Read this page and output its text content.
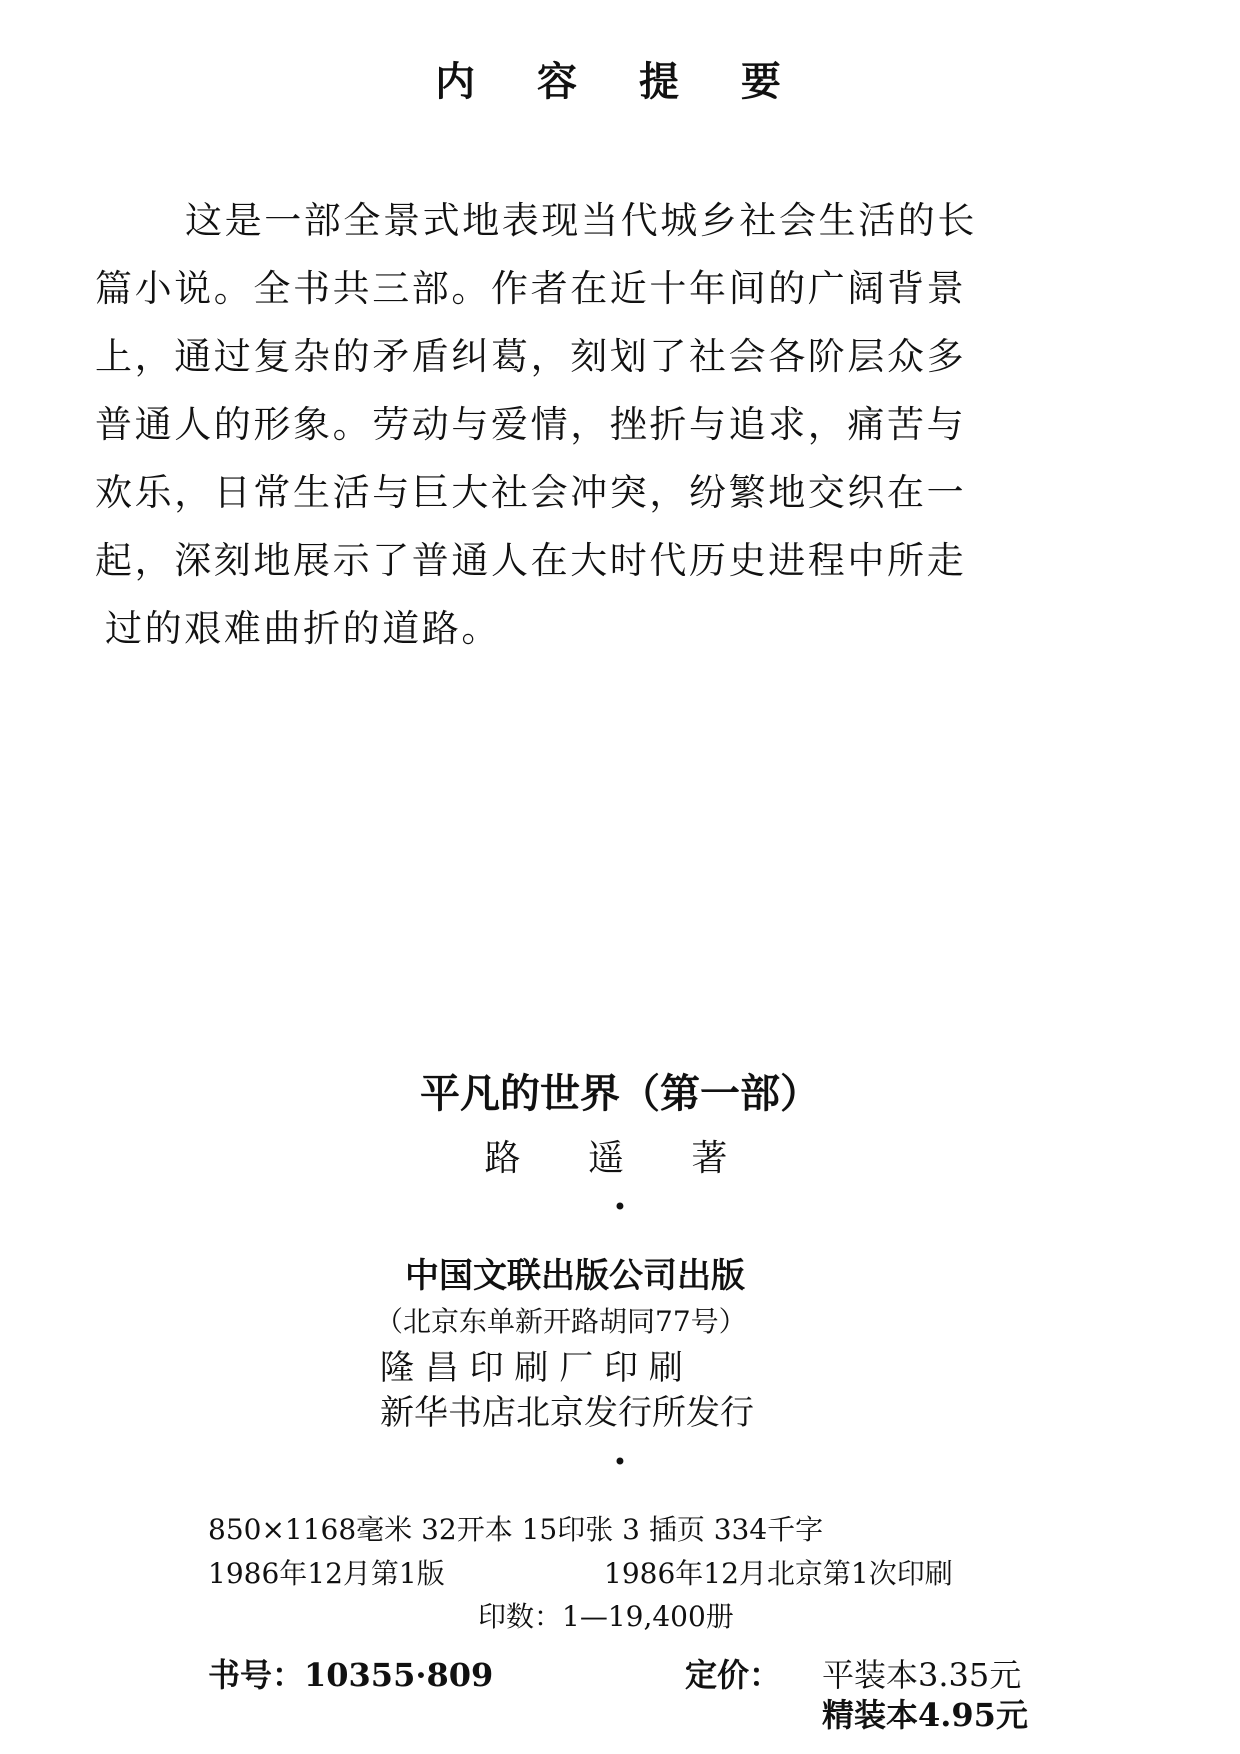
内 容 提 要
这是一部全景式地表现当代城乡社会生活的长
篇小说。全书共三部。作者在近十年间的广阔背景
上，通过复杂的矛盾纠葛，刻划了社会各阶层众多
普通人的形象。劳动与爱情，挫折与追求，痛苦与
欢乐，日常生活与巨大社会冲突，纷繁地交织在一
起，深刻地展示了普通人在大时代历史进程中所走
过的艰难曲折的道路。
平凡的世界（第一部）
路 遥 著
•
中国文联出版公司出版
（北京东单新开路胡同77号）
隆 昌 印 刷 厂 印 刷
新华书店北京发行所发行
•
850×1168毫米 32开本 15印张 3 插页 334千字
1986年12月第1版	1986年12月北京第1次印刷
印数：1—19,400册
书号：10355·809	定价： 平装本3.35元
精装本4.95元
